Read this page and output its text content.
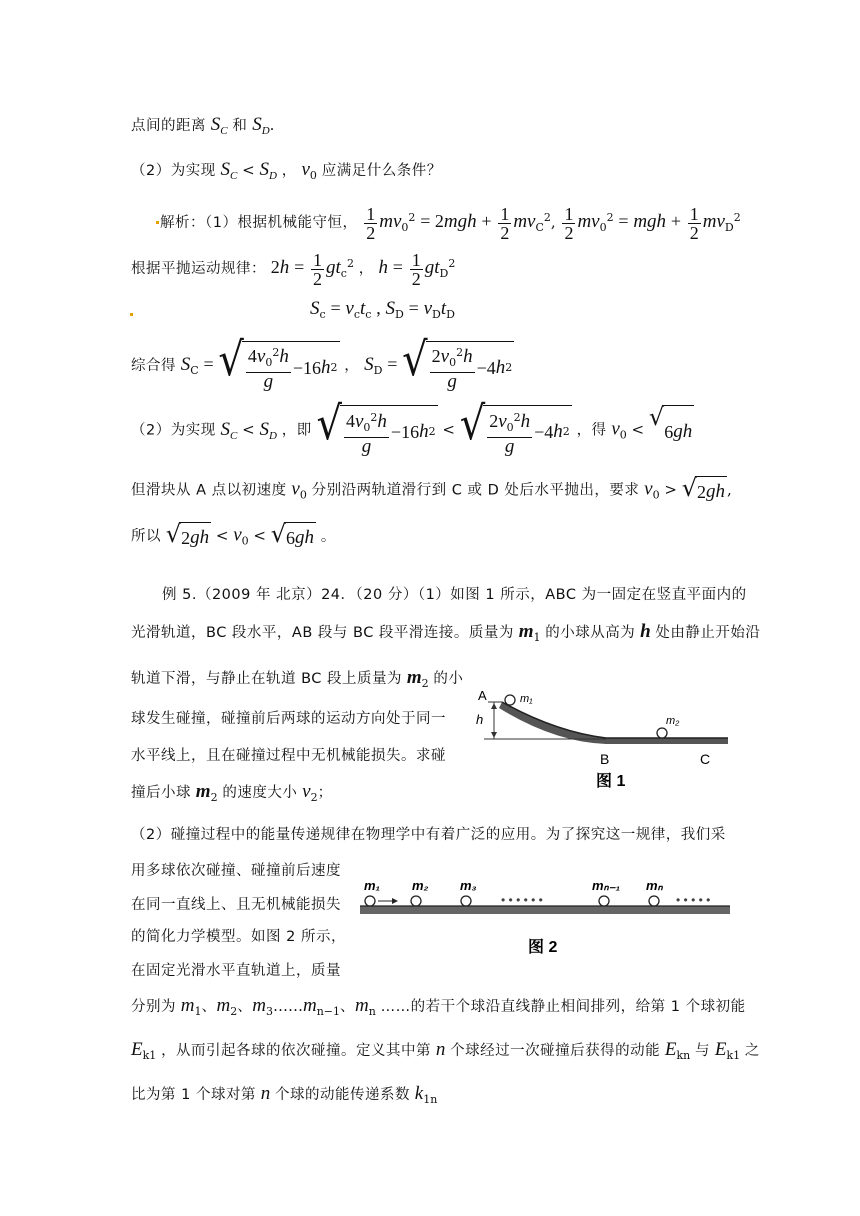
点间的距离 $S_C$ 和 $S_D$.
（2）为实现 $S_C < S_D$ ， $v_0$ 应满足什么条件？
解析：（1）根据机械能守恒， $\frac{1}{2} mv_0^2 = 2mgh + \frac{1}{2} mv_C^2$, $\frac{1}{2} mv_0^2$ = mgh + $\frac{1}{2} mv_D^2$
根据平抛运动规律： $2h = \frac{1}{2} gt_c^2$ ， $h = \frac{1}{2} gt_D^2$
$S_c = v_ct_c$ , $S_D = v_Dt_D$
综合得 $S_C$ = √ $\frac{4v_0^2h}{g} -16$ h 2 ， $S_D$ = √ $\frac{2v_0^2h}{g} -4$ h 2
（2）为实现 $S_C < S_D$ ，即 √ $\frac{4v_0^2h}{g} -16$ h 2 < √ $\frac{2v_0^2h}{g} -4$ h 2 ，得 $v_0$ < √
6 gh
但滑块从 A 点以初速度 $v_0$ 分别沿两轨道滑行到 C 或 D 处后水平抛出，要求 $v_0$ > √ 2 gh ,
所以 √ 2 gh < $v_0$ < √ 6 gh 。
例 5.（2009 年 北京）24．（20 分）（1）如图 1 所示，ABC 为一固定在竖直平面内的
光滑轨道，BC 段水平，AB 段与 BC 段平滑连接。质量为 $m_1$ 的小球从高为 h 处由静止开始沿
轨道下滑，与静止在轨道 BC 段上质量为 $m_2$ 的小
球发生碰撞，碰撞前后两球的运动方向处于同一
水平线上，且在碰撞过程中无机械能损失。求碰
撞后小球 $m_2$ 的速度大小 $v_2$；
A
h
m₁
m₂
B	C
图 1
（2）碰撞过程中的能量传递规律在物理学中有着广泛的应用。为了探究这一规律，我们采
用多球依次碰撞、碰撞前后速度
在同一直线上、且无机械能损失
的简化力学模型。如图 2 所示，
在固定光滑水平直轨道上，质量
• • • • • •	• • • • •
m₁ m₂ m₃	mₙ₋₁ mₙ
图 2
分别为 $m_1$、$m_2$、$m_3\dots\dots m_{n-1}$、$m_n$ ……的若干个球沿直线静止相间排列，给第 1 个球初能
$E_{k1}$ ，从而引起各球的依次碰撞。定义其中第 n 个球经过一次碰撞后获得的动能 $E_{kn}$ 与 $E_{k1}$ 之
比为第 1 个球对第 n 个球的动能传递系数 $k_{1n}$
